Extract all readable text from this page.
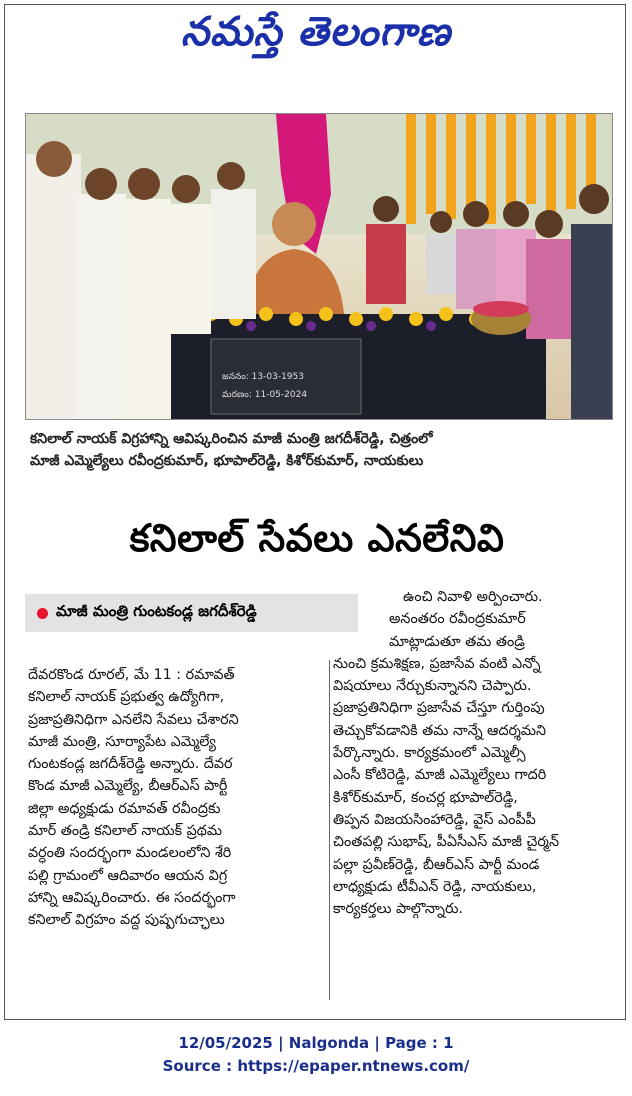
నమస్తే తెలంగాణ
జననం: 13-03-1953
మరణం: 11-05-2024
కనిలాల్ నాయక్ విగ్రహాన్ని ఆవిష్కరించిన మాజీ మంత్రి జగదీశ్‌రెడ్డి, చిత్రంలో
మాజీ ఎమ్మెల్యేలు రవీంద్రకుమార్, భూపాల్‌రెడ్డి, కిశోర్‌కుమార్, నాయకులు
కనిలాల్ సేవలు ఎనలేనివి
మాజీ మంత్రి గుంటకండ్ల జగదీశ్‌రెడ్డి

దేవరకొండ రూరల్, మే 11 : రమావత్

కనిలాల్ నాయక్ ప్రభుత్వ ఉద్యోగిగా,

ప్రజాప్రతినిధిగా ఎనలేని సేవలు చేశారని

మాజీ మంత్రి, సూర్యాపేట ఎమ్మెల్యే

గుంటకండ్ల జగదీశ్‌రెడ్డి అన్నారు. దేవర

కొండ మాజీ ఎమ్మెల్యే, బీఆర్‌ఎస్ పార్టీ

జిల్లా అధ్యక్షుడు రమావత్ రవీంద్రకు

మార్ తండ్రి కనిలాల్ నాయక్ ప్రథమ

వర్ధంతి సందర్భంగా మండలంలోని శేరి

పల్లి గ్రామంలో ఆదివారం ఆయన విగ్ర

హాన్ని ఆవిష్కరించారు. ఈ సందర్భంగా

కనిలాల్ విగ్రహం వద్ద పుష్పగుచ్ఛాలు

ఉంచి నివాళి అర్పించారు.

అనంతరం రవీంద్రకుమార్

మాట్లాడుతూ తమ తండ్రి

నుంచి క్రమశిక్షణ, ప్రజాసేవ వంటి ఎన్నో

విషయాలు నేర్చుకున్నానని చెప్పారు.

ప్రజాప్రతినిధిగా ప్రజాసేవ చేస్తూ గుర్తింపు

తెచ్చుకోవడానికి తమ నాన్నే ఆదర్శమని

పేర్కొన్నారు. కార్యక్రమంలో ఎమ్మెల్సీ

ఎంసీ కోటిరెడ్డి, మాజీ ఎమ్మెల్యేలు గాదరి

కిశోర్‌కుమార్, కంచర్ల భూపాల్‌రెడ్డి,

తిప్పన విజయసింహారెడ్డి, వైస్ ఎంపీపీ

చింతపల్లి సుభాష్, పీఏసీఎస్ మాజీ చైర్మన్

పల్లా ప్రవీణ్‌రెడ్డి, బీఆర్‌ఎస్ పార్టీ మండ

లాధ్యక్షుడు టీవీఎన్ రెడ్డి, నాయకులు,

కార్యకర్తలు పాల్గొన్నారు.

12/05/2025 | Nalgonda | Page : 1
Source : https://epaper.ntnews.com/
